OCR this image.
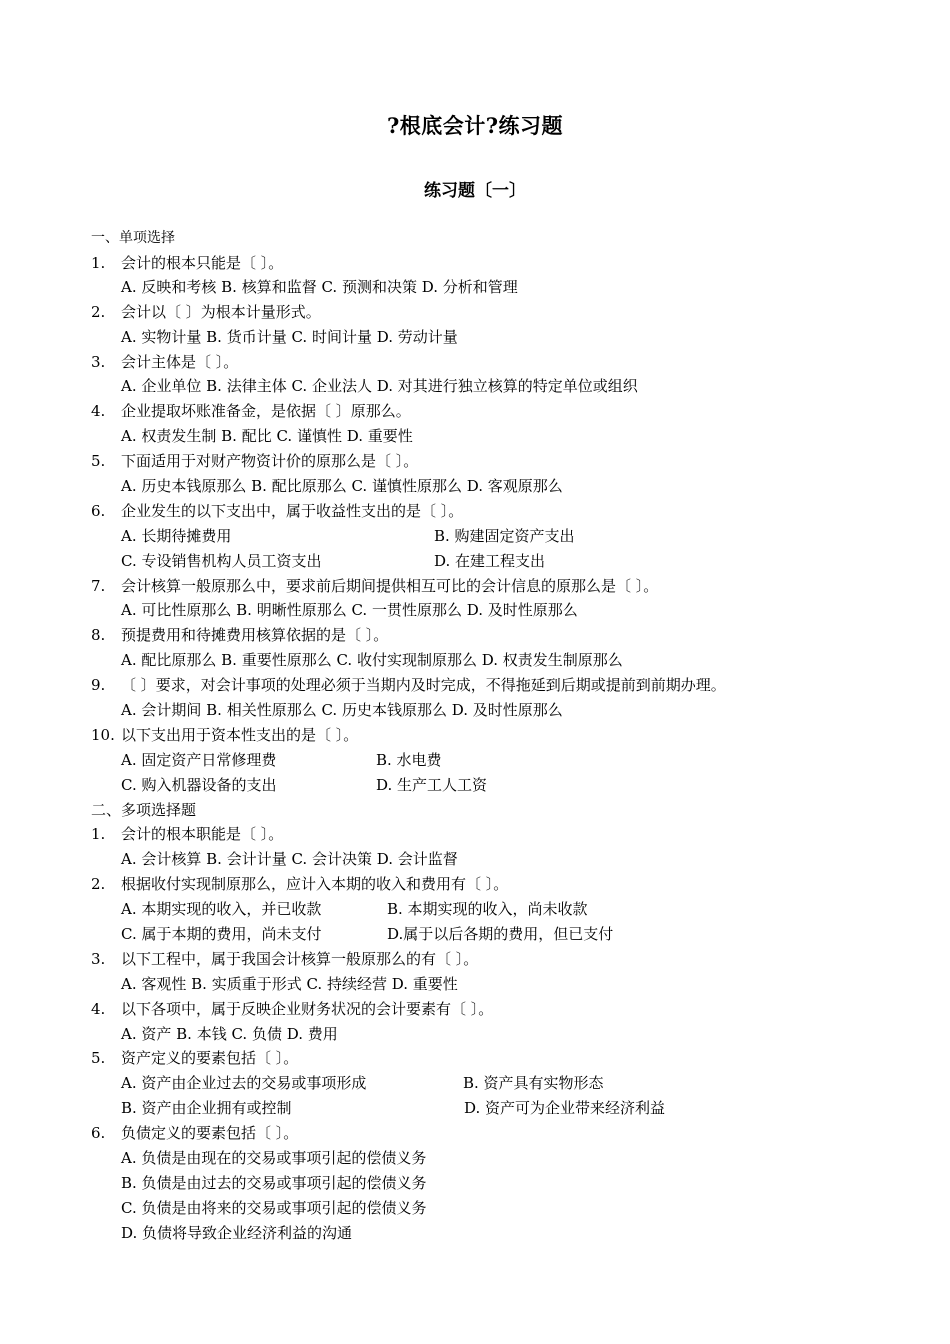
?根底会计?练习题
练习题〔一〕
一、单项选择
1. 会计的根本只能是〔 〕。
A. 反映和考核 B. 核算和监督 C. 预测和决策 D. 分析和管理
2. 会计以〔 〕为根本计量形式。
A. 实物计量 B. 货币计量 C. 时间计量 D. 劳动计量
3. 会计主体是〔 〕。
A. 企业单位 B. 法律主体 C. 企业法人 D. 对其进行独立核算的特定单位或组织
4. 企业提取坏账准备金，是依据〔 〕原那么。
A. 权责发生制 B. 配比 C. 谨慎性 D. 重要性
5. 下面适用于对财产物资计价的原那么是〔 〕。
A. 历史本钱原那么 B. 配比原那么 C. 谨慎性原那么 D. 客观原那么
6. 企业发生的以下支出中，属于收益性支出的是〔 〕。
A. 长期待摊费用	B. 购建固定资产支出
C. 专设销售机构人员工资支出	D. 在建工程支出
7. 会计核算一般原那么中，要求前后期间提供相互可比的会计信息的原那么是〔 〕。
A. 可比性原那么 B. 明晰性原那么 C. 一贯性原那么 D. 及时性原那么
8. 预提费用和待摊费用核算依据的是〔 〕。
A. 配比原那么 B. 重要性原那么 C. 收付实现制原那么 D. 权责发生制原那么
9. 〔 〕要求，对会计事项的处理必须于当期内及时完成，不得拖延到后期或提前到前期办理。
A. 会计期间 B. 相关性原那么 C. 历史本钱原那么 D. 及时性原那么
10. 以下支出用于资本性支出的是〔 〕。
A. 固定资产日常修理费	B. 水电费
C. 购入机器设备的支出	D. 生产工人工资
二、多项选择题
1. 会计的根本职能是〔 〕。
A. 会计核算 B. 会计计量 C. 会计决策 D. 会计监督
2. 根据收付实现制原那么，应计入本期的收入和费用有〔 〕。
A. 本期实现的收入，并已收款	B. 本期实现的收入，尚未收款
C. 属于本期的费用，尚未支付	D.属于以后各期的费用，但已支付
3. 以下工程中，属于我国会计核算一般原那么的有〔 〕。
A. 客观性 B. 实质重于形式 C. 持续经营 D. 重要性
4. 以下各项中，属于反映企业财务状况的会计要素有〔 〕。
A. 资产 B. 本钱 C. 负债 D. 费用
5. 资产定义的要素包括〔 〕。
A. 资产由企业过去的交易或事项形成	B. 资产具有实物形态
B. 资产由企业拥有或控制	D. 资产可为企业带来经济利益
6. 负债定义的要素包括〔 〕。
A. 负债是由现在的交易或事项引起的偿债义务
B. 负债是由过去的交易或事项引起的偿债义务
C. 负债是由将来的交易或事项引起的偿债义务
D. 负债将导致企业经济利益的沟通
